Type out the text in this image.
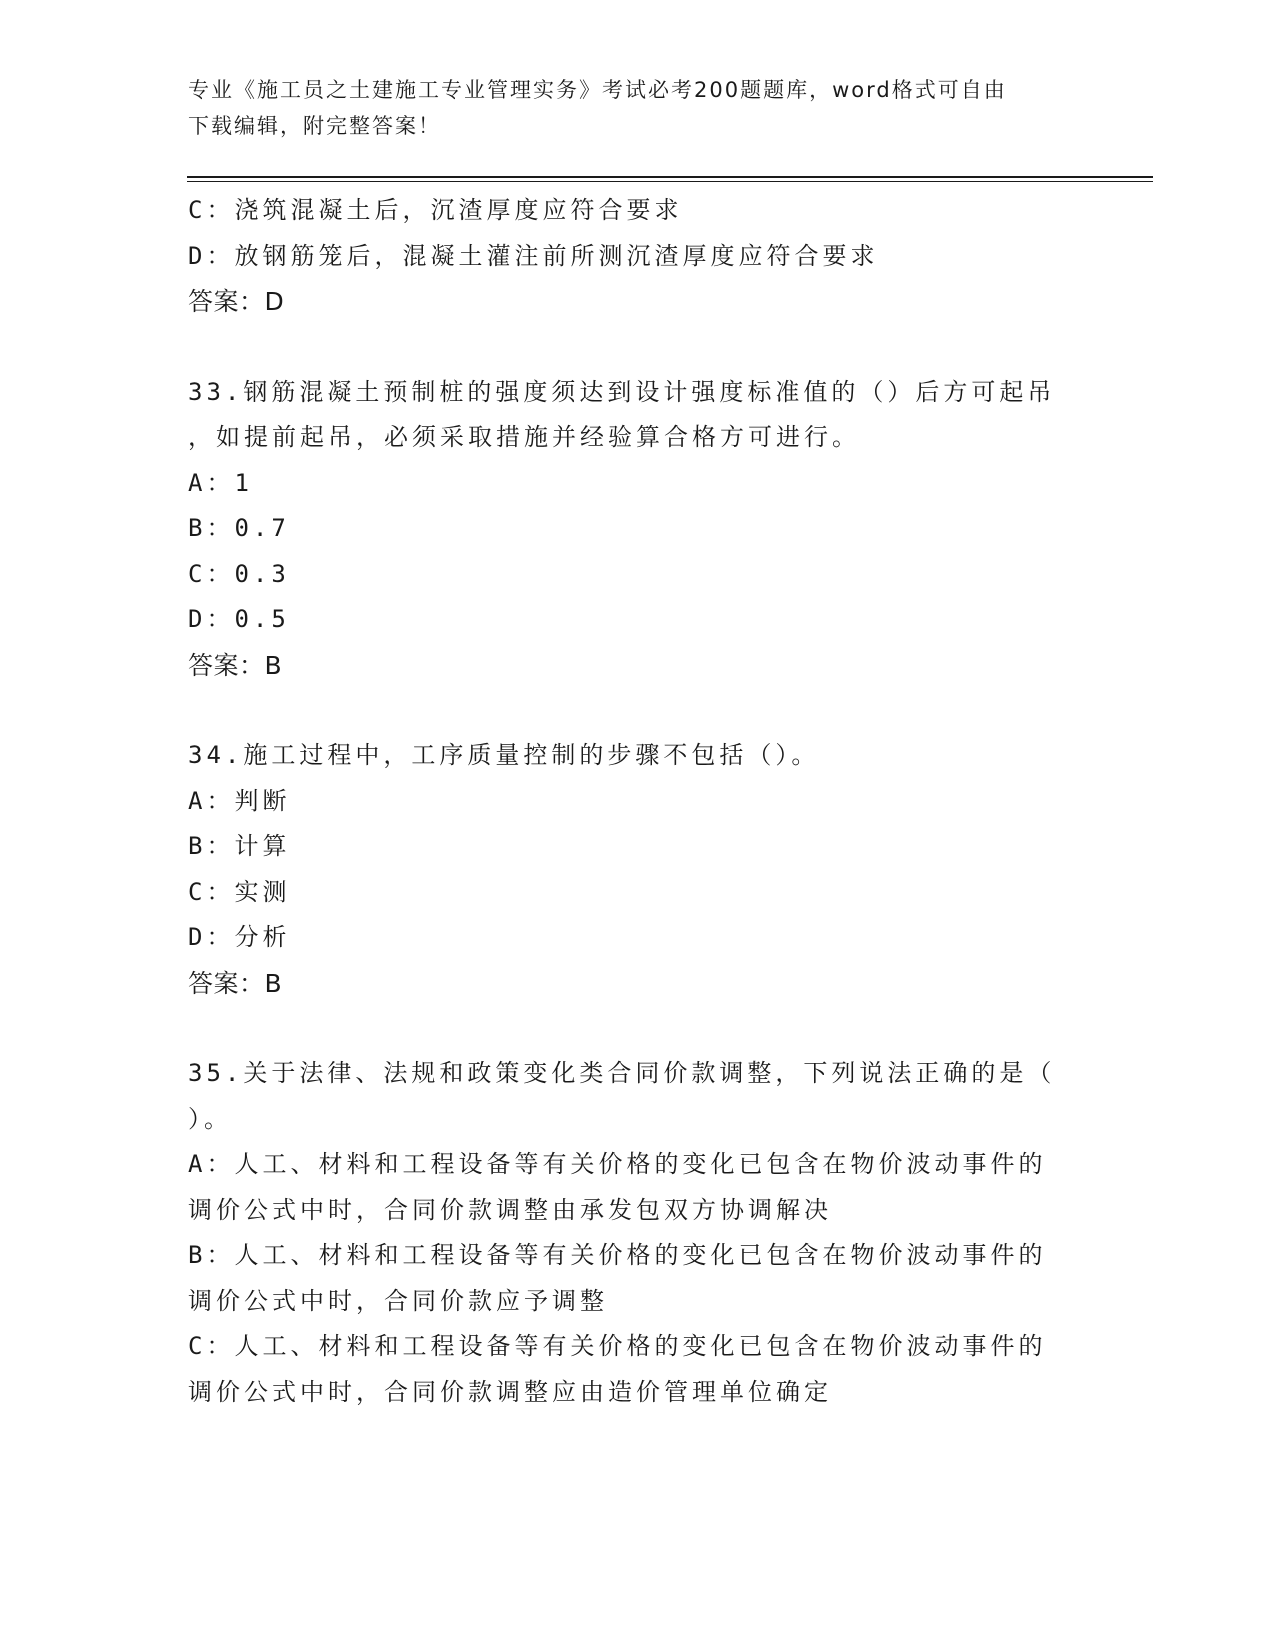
专业《施工员之土建施工专业管理实务》考试必考200题题库，word格式可自由
下载编辑，附完整答案！
C：浇筑混凝土后，沉渣厚度应符合要求
D：放钢筋笼后，混凝土灌注前所测沉渣厚度应符合要求
答案：D
33.钢筋混凝土预制桩的强度须达到设计强度标准值的（）后方可起吊
，如提前起吊，必须采取措施并经验算合格方可进行。
A：1
B：0.7
C：0.3
D：0.5
答案：B
34.施工过程中，工序质量控制的步骤不包括（）。
A：判断
B：计算
C：实测
D：分析
答案：B
35.关于法律、法规和政策变化类合同价款调整，下列说法正确的是（
）。
A：人工、材料和工程设备等有关价格的变化已包含在物价波动事件的
调价公式中时，合同价款调整由承发包双方协调解决
B：人工、材料和工程设备等有关价格的变化已包含在物价波动事件的
调价公式中时，合同价款应予调整
C：人工、材料和工程设备等有关价格的变化已包含在物价波动事件的
调价公式中时，合同价款调整应由造价管理单位确定
